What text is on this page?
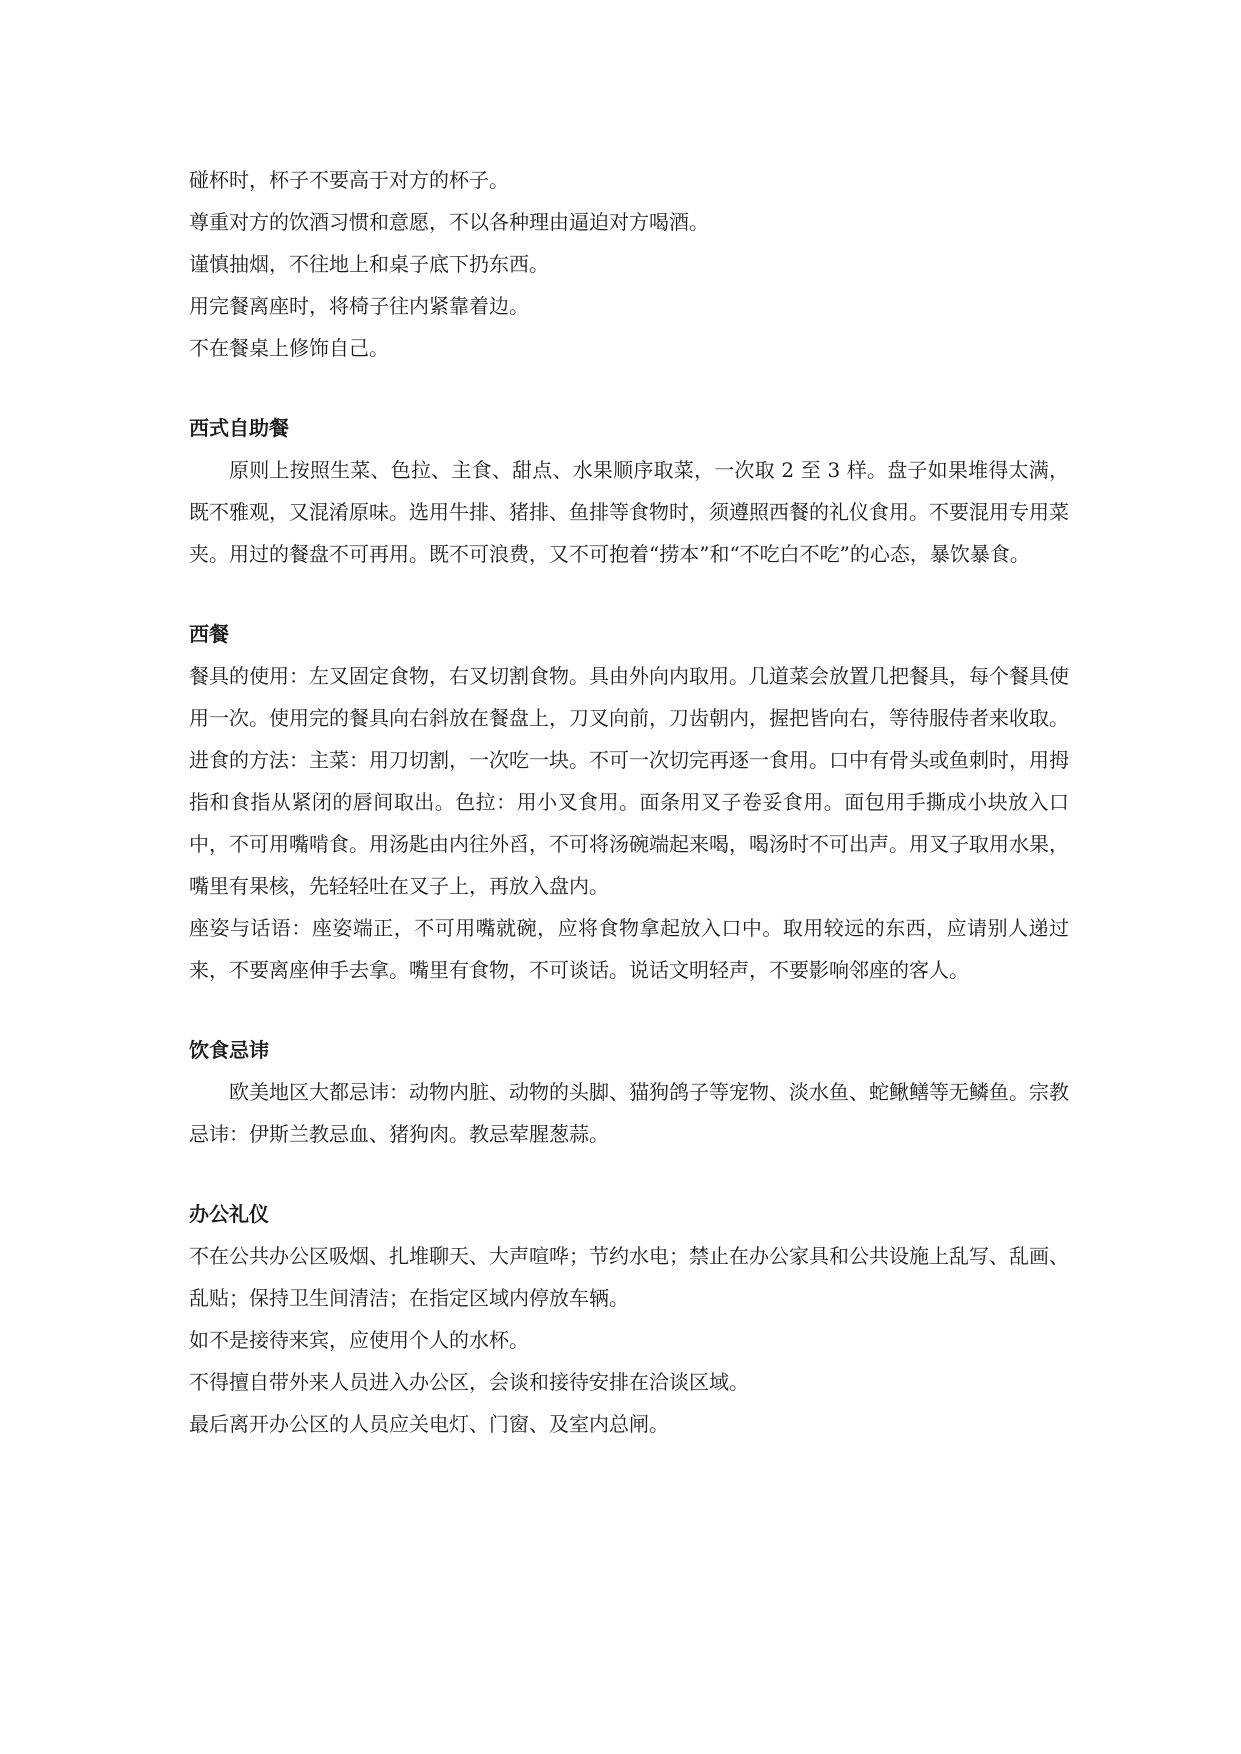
碰杯时，杯子不要高于对方的杯子。

尊重对方的饮酒习惯和意愿，不以各种理由逼迫对方喝酒。

谨慎抽烟，不往地上和桌子底下扔东西。

用完餐离座时，将椅子往内紧靠着边。

不在餐桌上修饰自己。

西式自助餐

原则上按照生菜、色拉、主食、甜点、水果顺序取菜，一次取 2 至 3 样。盘子如果堆得太满，既不雅观，又混淆原味。选用牛排、猪排、鱼排等食物时，须遵照西餐的礼仪食用。不要混用专用菜夹。用过的餐盘不可再用。既不可浪费，又不可抱着“捞本”和“不吃白不吃”的心态，暴饮暴食。

西餐

餐具的使用：左叉固定食物，右叉切割食物。具由外向内取用。几道菜会放置几把餐具，每个餐具使用一次。使用完的餐具向右斜放在餐盘上，刀叉向前，刀齿朝内，握把皆向右，等待服侍者来收取。

进食的方法：主菜：用刀切割，一次吃一块。不可一次切完再逐一食用。口中有骨头或鱼刺时，用拇指和食指从紧闭的唇间取出。色拉：用小叉食用。面条用叉子卷妥食用。面包用手撕成小块放入口中，不可用嘴啃食。用汤匙由内往外舀，不可将汤碗端起来喝，喝汤时不可出声。用叉子取用水果，嘴里有果核，先轻轻吐在叉子上，再放入盘内。

座姿与话语：座姿端正，不可用嘴就碗，应将食物拿起放入口中。取用较远的东西，应请别人递过来，不要离座伸手去拿。嘴里有食物，不可谈话。说话文明轻声，不要影响邻座的客人。

饮食忌讳

欧美地区大都忌讳：动物内脏、动物的头脚、猫狗鸽子等宠物、淡水鱼、蛇鳅鳝等无鳞鱼。宗教忌讳：伊斯兰教忌血、猪狗肉。教忌荤腥葱蒜。

办公礼仪

不在公共办公区吸烟、扎堆聊天、大声喧哗；节约水电；禁止在办公家具和公共设施上乱写、乱画、乱贴；保持卫生间清洁；在指定区域内停放车辆。

如不是接待来宾，应使用个人的水杯。

不得擅自带外来人员进入办公区，会谈和接待安排在洽谈区域。

最后离开办公区的人员应关电灯、门窗、及室内总闸。
